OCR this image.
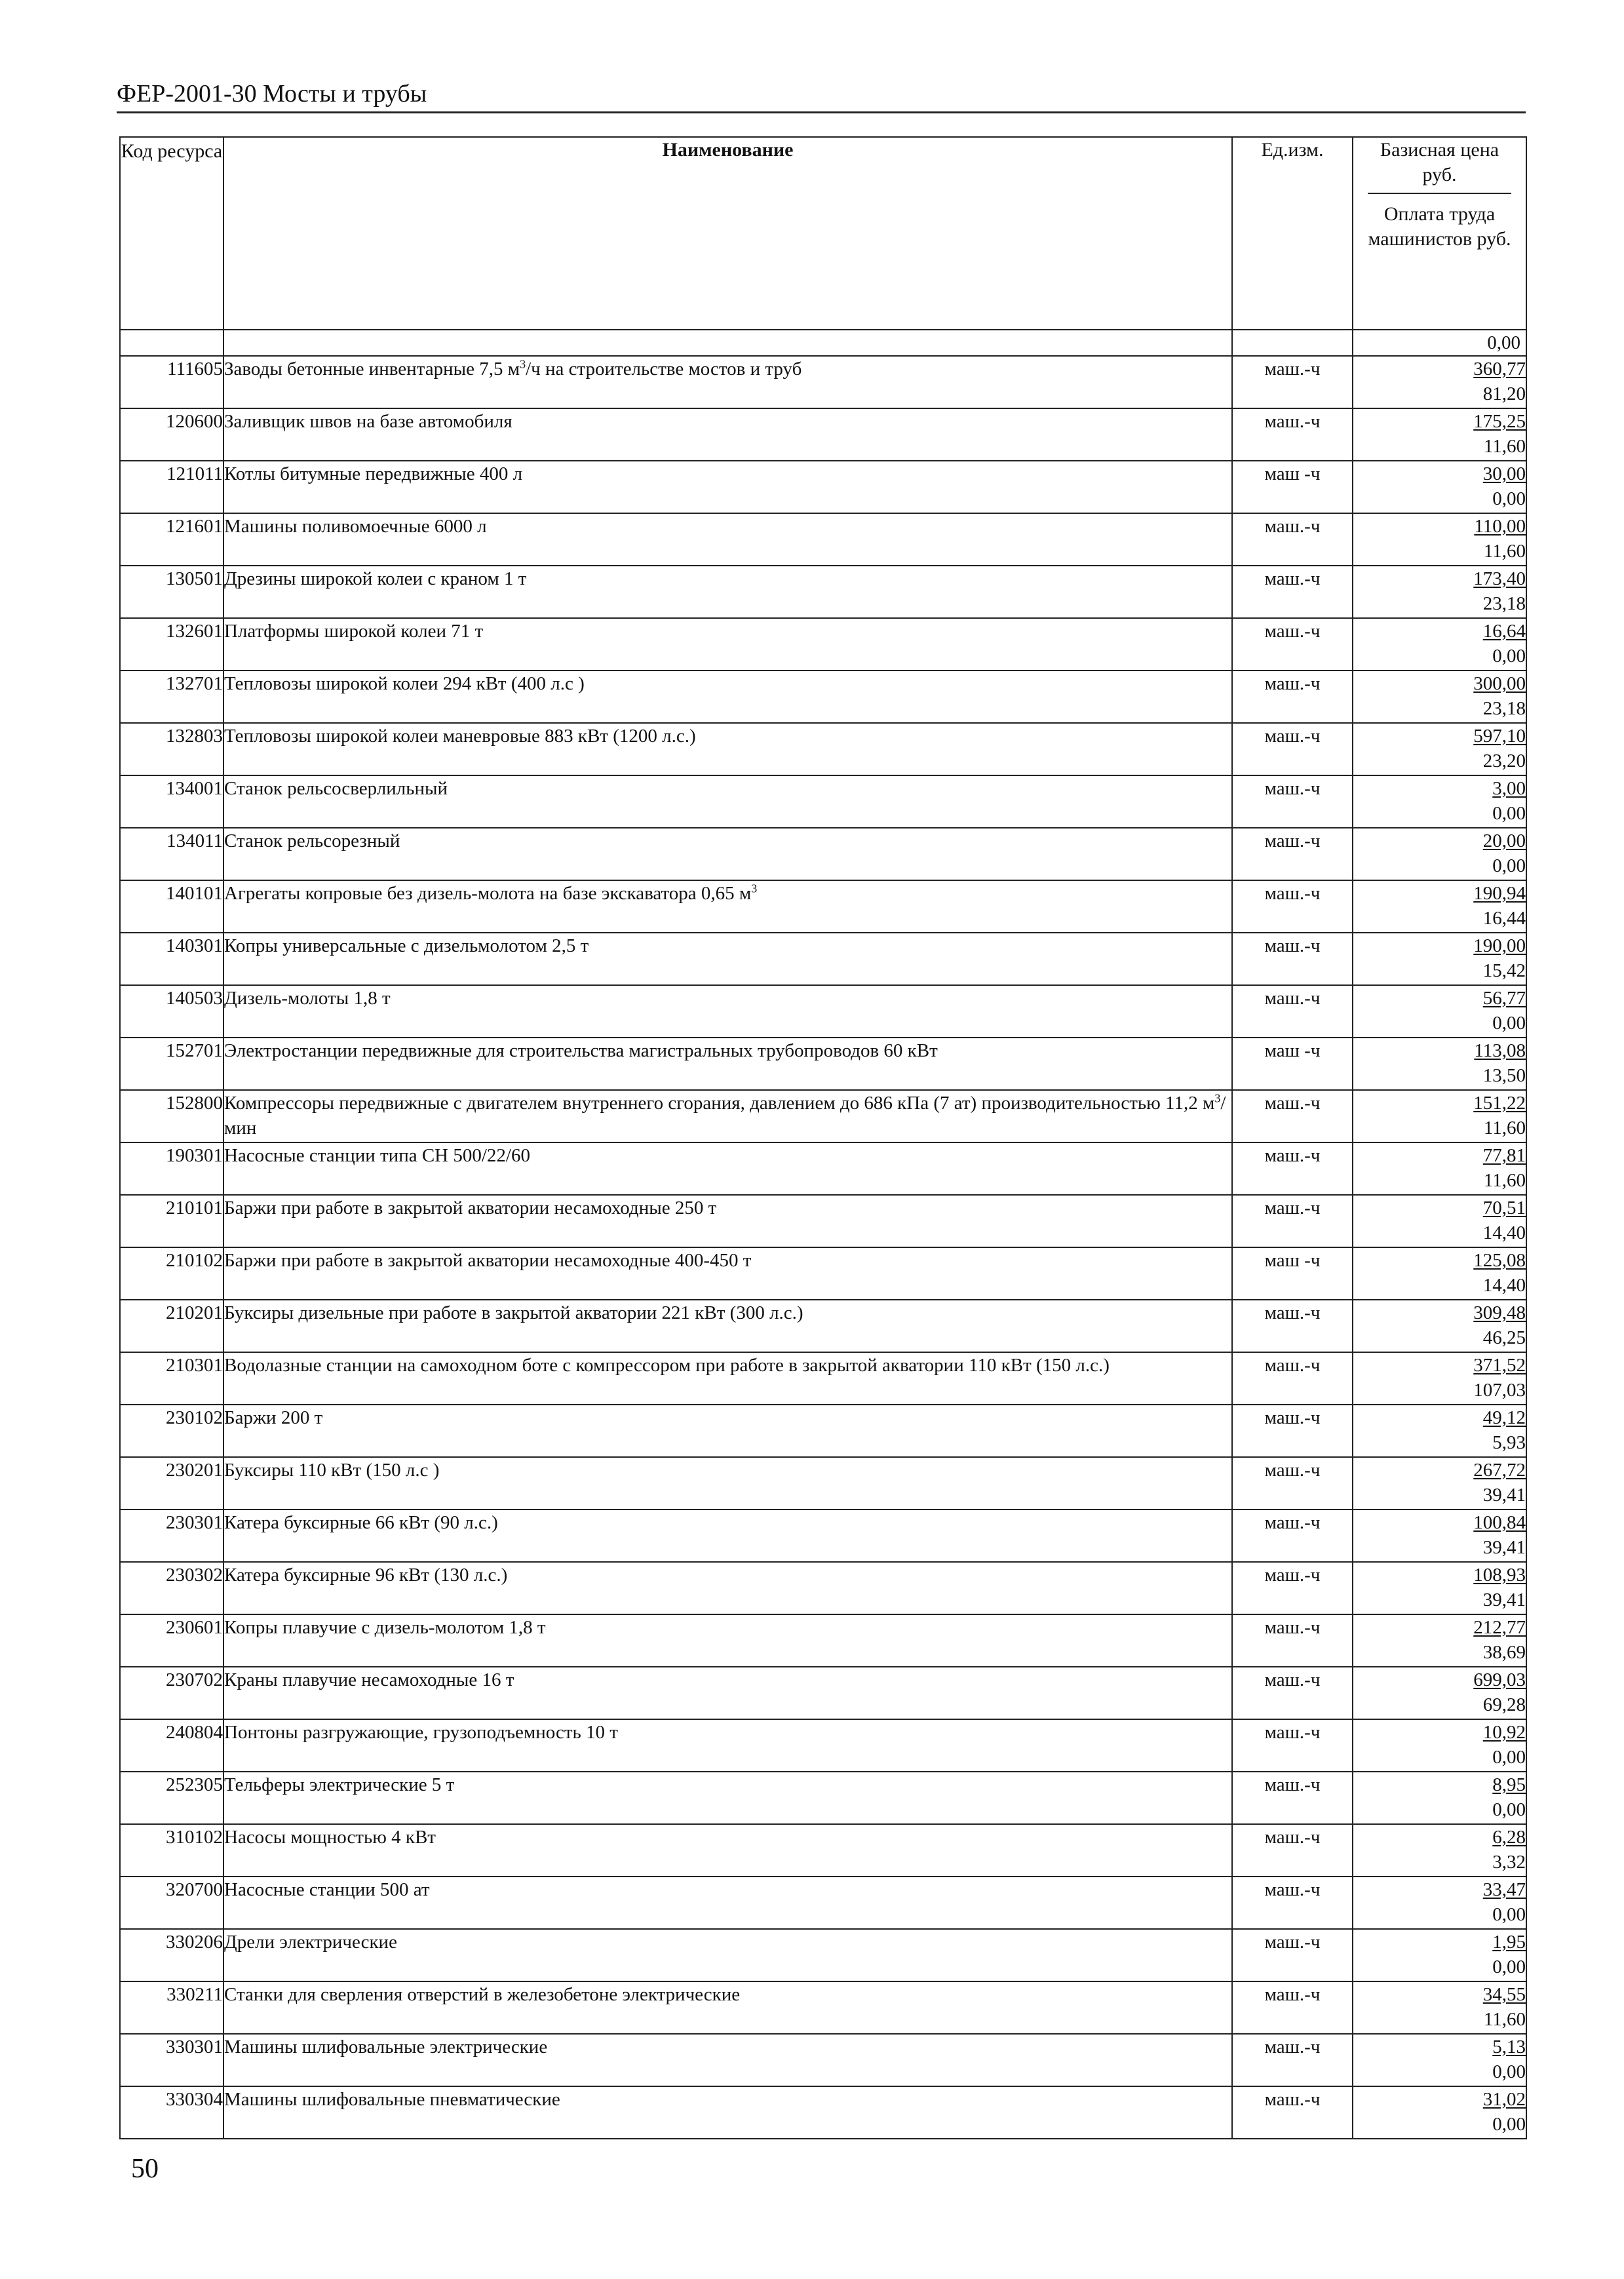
ФЕР-2001-30 Мосты и трубы
Код ресурса	Наименование	Ед.изм.	Базисная цена руб.
Оплата труда машинистов руб.

			0,00
111605	Заводы бетонные инвентарные 7,5 $м^3/ч$ на строительстве мостов и труб	маш.-ч	360,77
81,20

120600	Заливщик швов на базе автомобиля	маш.-ч	175,25
11,60

121011	Котлы битумные передвижные 400 л	маш -ч	30,00
0,00

121601	Машины поливомоечные 6000 л	маш.-ч	110,00
11,60

130501	Дрезины широкой колеи с краном 1 т	маш.-ч	173,40
23,18

132601	Платформы широкой колеи 71 т	маш.-ч	16,64
0,00

132701	Тепловозы широкой колеи 294 кВт (400 л.с )	маш.-ч	300,00
23,18

132803	Тепловозы широкой колеи маневровые 883 кВт (1200 л.с.)	маш.-ч	597,10
23,20

134001	Станок рельсосверлильный	маш.-ч	3,00
0,00

134011	Станок рельсорезный	маш.-ч	20,00
0,00

140101	Агрегаты копровые без дизель-молота на базе экскаватора 0,65 $м^3$	маш.-ч	190,94
16,44

140301	Копры универсальные с дизельмолотом 2,5 т	маш.-ч	190,00
15,42

140503	Дизель-молоты 1,8 т	маш.-ч	56,77
0,00

152701	Электростанции передвижные для строительства магистральных трубопроводов 60 кВт	маш -ч	113,08
13,50

152800	Компрессоры передвижные с двигателем внутреннего сгорания, давлением до 686 кПа (7 ат) производительностью 11,2 $м^3$/мин	маш.-ч	151,22
11,60

190301	Насосные станции типа СН 500/22/60	маш.-ч	77,81
11,60

210101	Баржи при работе в закрытой акватории несамоходные 250 т	маш.-ч	70,51
14,40

210102	Баржи при работе в закрытой акватории несамоходные 400-450 т	маш -ч	125,08
14,40

210201	Буксиры дизельные при работе в закрытой акватории 221 кВт (300 л.с.)	маш.-ч	309,48
46,25

210301	Водолазные станции на самоходном боте с компрессором при работе в закрытой акватории 110 кВт (150 л.с.)	маш.-ч	371,52
107,03

230102	Баржи 200 т	маш.-ч	49,12
5,93

230201	Буксиры 110 кВт (150 л.с )	маш.-ч	267,72
39,41

230301	Катера буксирные 66 кВт (90 л.с.)	маш.-ч	100,84
39,41

230302	Катера буксирные 96 кВт (130 л.с.)	маш.-ч	108,93
39,41

230601	Копры плавучие с дизель-молотом 1,8 т	маш.-ч	212,77
38,69

230702	Краны плавучие несамоходные 16 т	маш.-ч	699,03
69,28

240804	Понтоны разгружающие, грузоподъемность 10 т	маш.-ч	10,92
0,00

252305	Тельферы электрические 5 т	маш.-ч	8,95
0,00

310102	Насосы мощностью 4 кВт	маш.-ч	6,28
3,32

320700	Насосные станции 500 ат	маш.-ч	33,47
0,00

330206	Дрели электрические	маш.-ч	1,95
0,00

330211	Станки для сверления отверстий в железобетоне электрические	маш.-ч	34,55
11,60

330301	Машины шлифовальные электрические	маш.-ч	5,13
0,00

330304	Машины шлифовальные пневматические	маш.-ч	31,02
0,00
50
